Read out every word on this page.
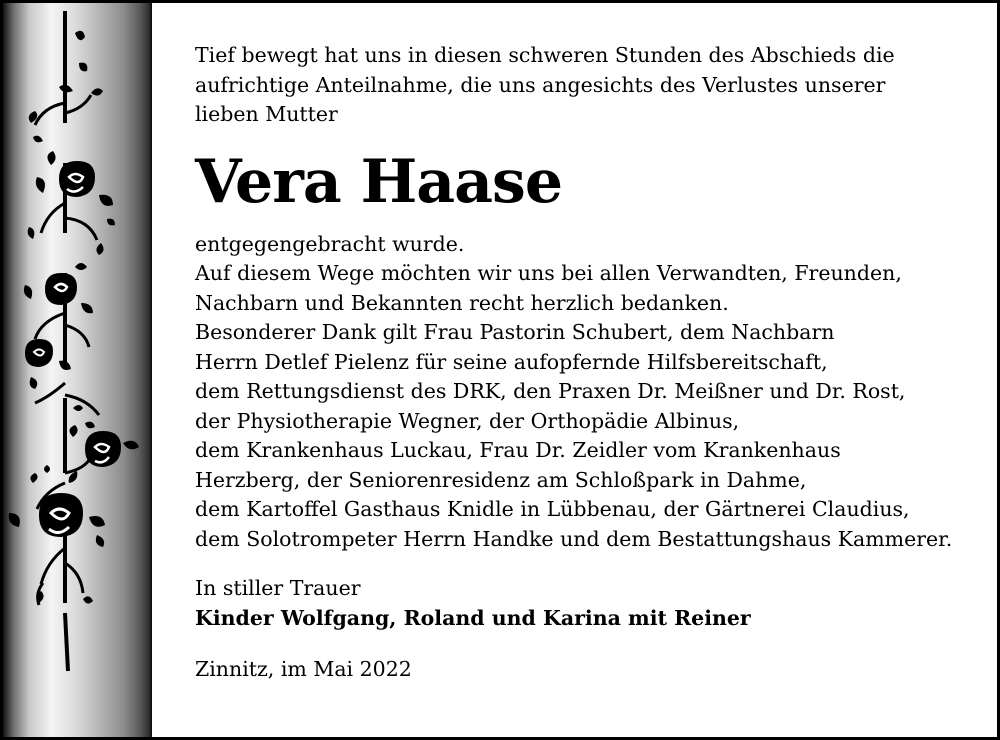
Tief bewegt hat uns in diesen schweren Stunden des Abschieds die
aufrichtige Anteilnahme, die uns angesichts des Verlustes unserer
lieben Mutter

Vera Haase

entgegengebracht wurde.
Auf diesem Wege möchten wir uns bei allen Verwandten, Freunden,
Nachbarn und Bekannten recht herzlich bedanken.
Besonderer Dank gilt Frau Pastorin Schubert, dem Nachbarn
Herrn Detlef Pielenz für seine aufopfernde Hilfsbereitschaft,
dem Rettungsdienst des DRK, den Praxen Dr. Meißner und Dr. Rost,
der Physiotherapie Wegner, der Orthopädie Albinus,
dem Krankenhaus Luckau, Frau Dr. Zeidler vom Krankenhaus
Herzberg, der Seniorenresidenz am Schloßpark in Dahme,
dem Kartoffel Gasthaus Knidle in Lübbenau, der Gärtnerei Claudius,
dem Solotrompeter Herrn Handke und dem Bestattungshaus Kammerer.

In stiller Trauer
Kinder Wolfgang, Roland und Karina mit Reiner
Zinnitz, im Mai 2022
